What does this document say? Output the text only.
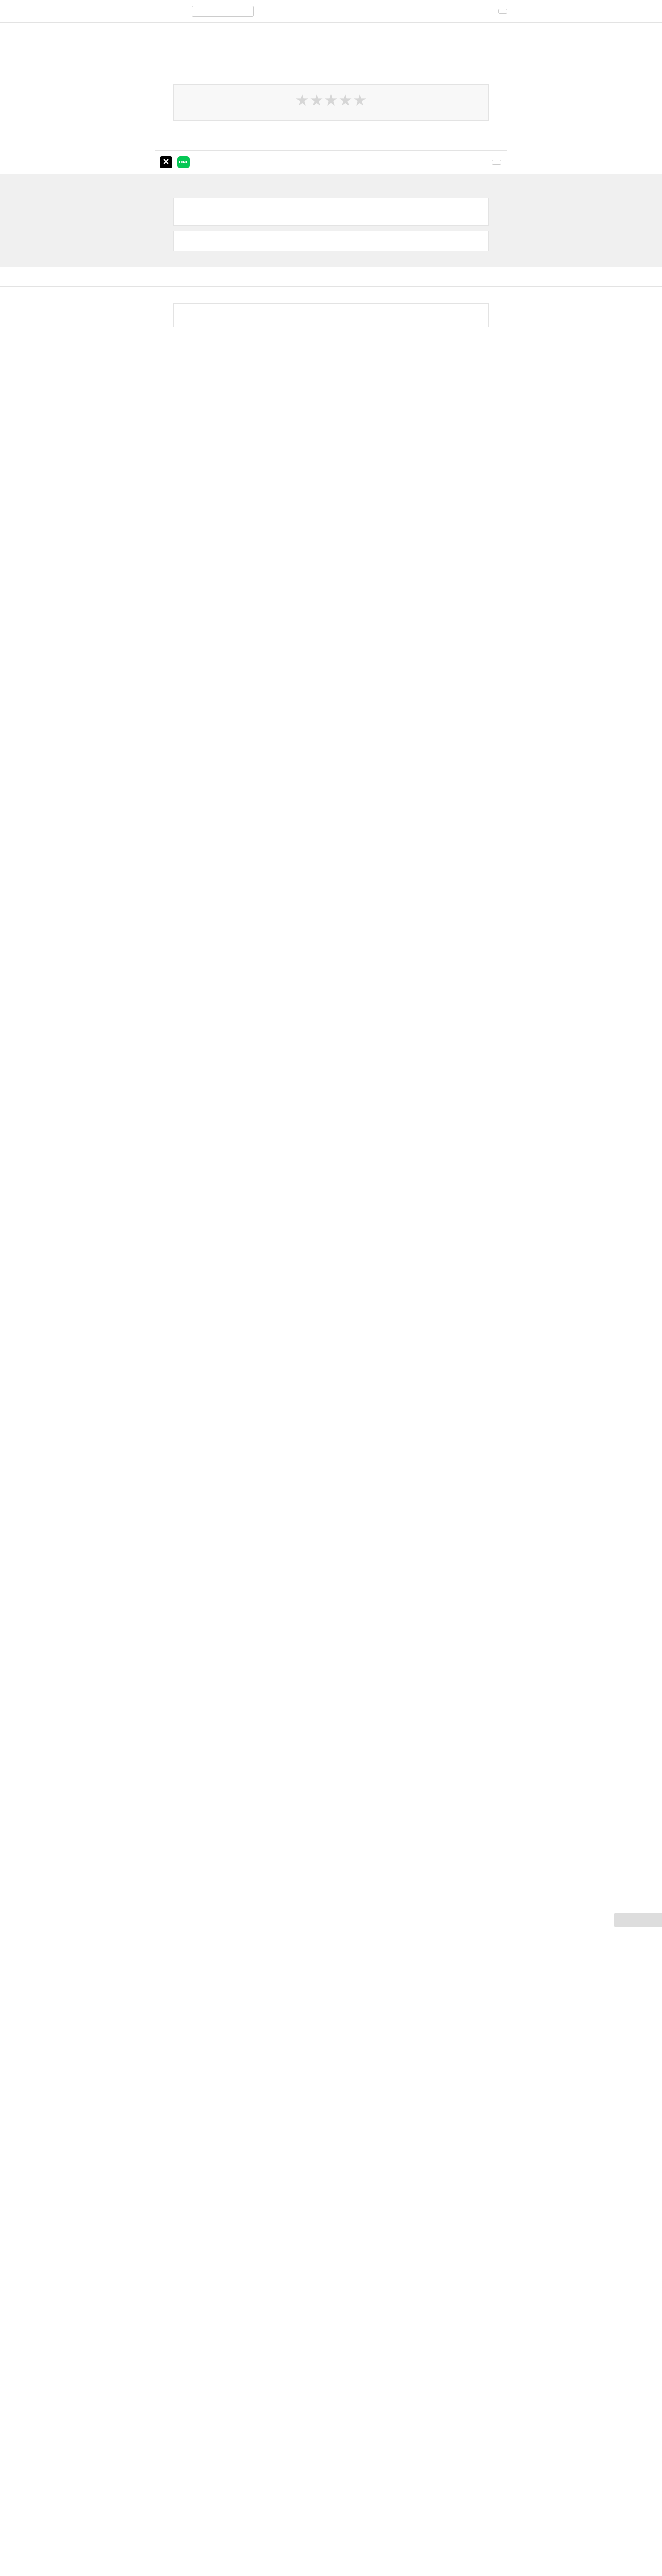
X	LINE
